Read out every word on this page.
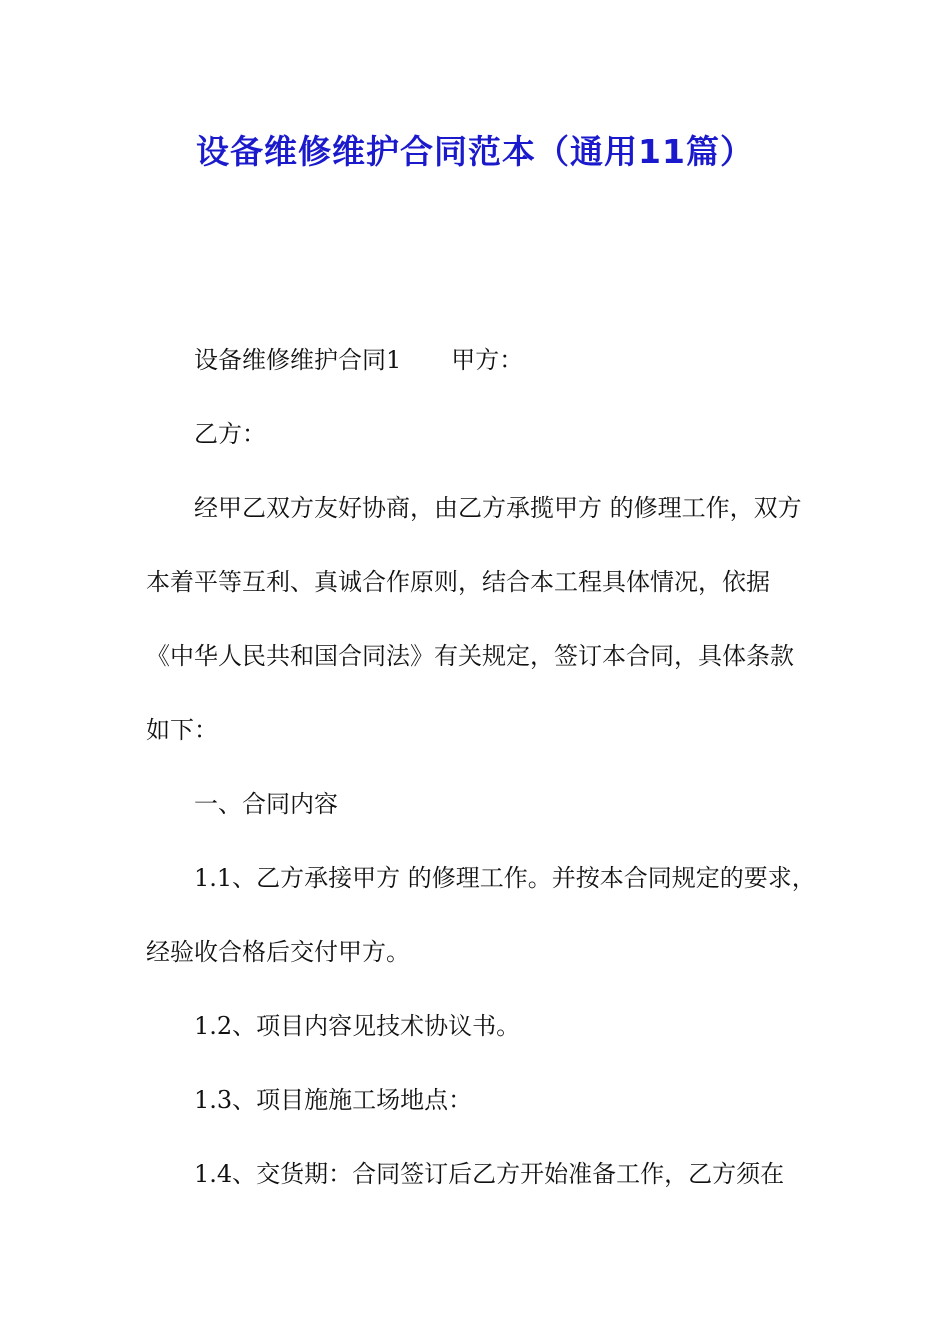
设备维修维护合同范本（通用11篇）
设备维修维护合同1 甲方：
乙方：
经甲乙双方友好协商，由乙方承揽甲方 的修理工作，双方
本着平等互利、真诚合作原则，结合本工程具体情况，依据
《中华人民共和国合同法》有关规定，签订本合同，具体条款
如下：
一、合同内容
1.1、乙方承接甲方 的修理工作。并按本合同规定的要求，
经验收合格后交付甲方。
1.2、项目内容见技术协议书。
1.3、项目施施工场地点：
1.4、交货期：合同签订后乙方开始准备工作，乙方须在
